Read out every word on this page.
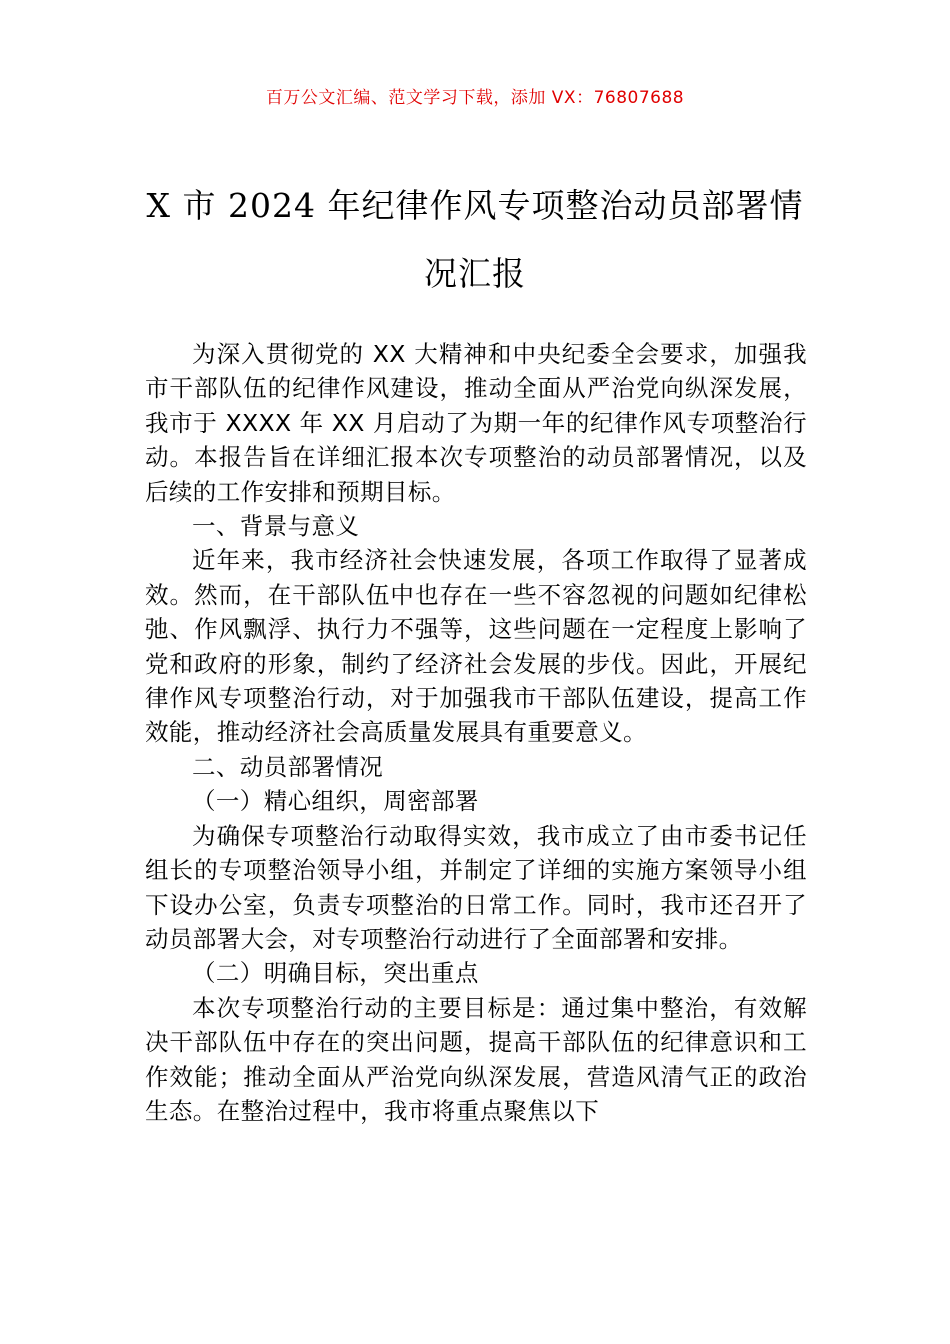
百万公文汇编、范文学习下载，添加 VX：76807688
X 市 2024 年纪律作风专项整治动员部署情况汇报

为深入贯彻党的 XX 大精神和中央纪委全会要求，加强我市干部队伍的纪律作风建设，推动全面从严治党向纵深发展，我市于 XXXX 年 XX 月启动了为期一年的纪律作风专项整治行动。本报告旨在详细汇报本次专项整治的动员部署情况，以及后续的工作安排和预期目标。

一、背景与意义

近年来，我市经济社会快速发展，各项工作取得了显著成效。然而，在干部队伍中也存在一些不容忽视的问题如纪律松弛、作风飘浮、执行力不强等，这些问题在一定程度上影响了党和政府的形象，制约了经济社会发展的步伐。因此，开展纪律作风专项整治行动，对于加强我市干部队伍建设，提高工作效能，推动经济社会高质量发展具有重要意义。

二、动员部署情况

（一）精心组织，周密部署

为确保专项整治行动取得实效，我市成立了由市委书记任组长的专项整治领导小组，并制定了详细的实施方案领导小组下设办公室，负责专项整治的日常工作。同时，我市还召开了动员部署大会，对专项整治行动进行了全面部署和安排。

（二）明确目标，突出重点

本次专项整治行动的主要目标是：通过集中整治，有效解决干部队伍中存在的突出问题，提高干部队伍的纪律意识和工作效能；推动全面从严治党向纵深发展，营造风清气正的政治生态。在整治过程中，我市将重点聚焦以下
